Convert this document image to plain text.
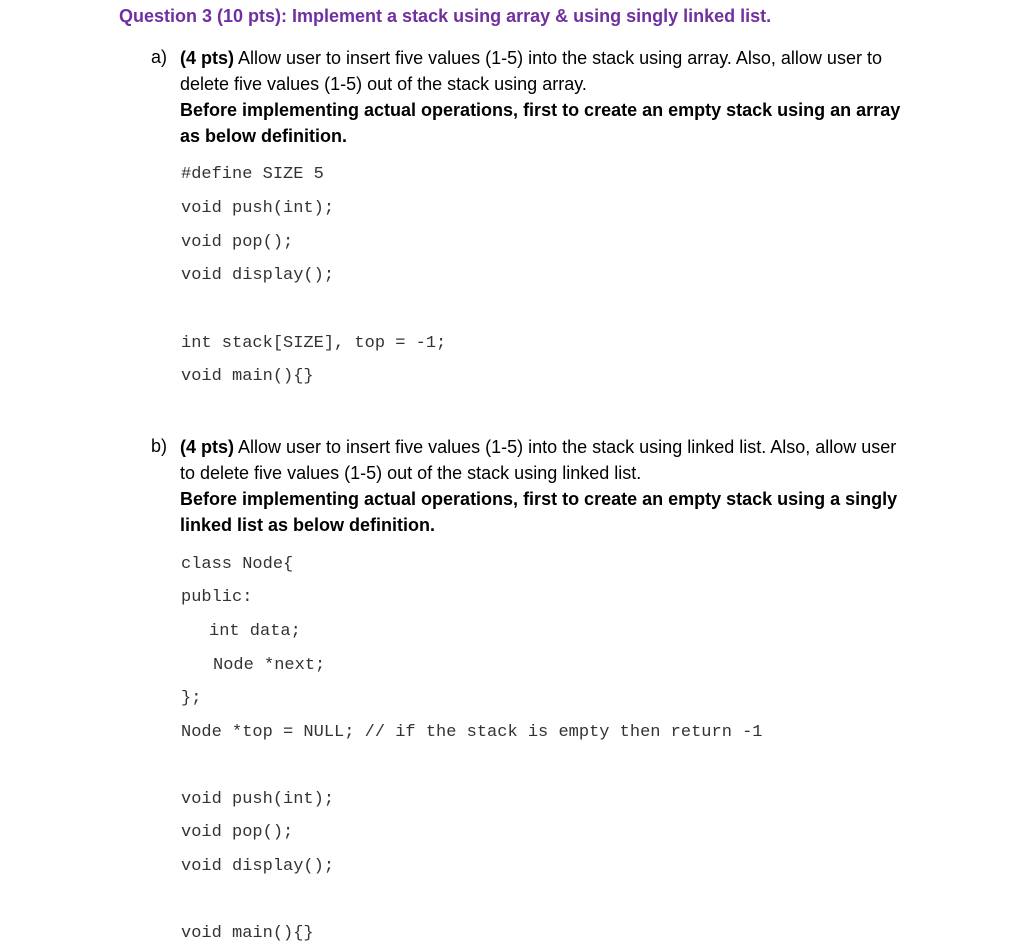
Question 3 (10 pts): Implement a stack using array & using singly linked list.
a) (4 pts) Allow user to insert five values (1-5) into the stack using array. Also, allow user to delete five values (1-5) out of the stack using array.
Before implementing actual operations, first to create an empty stack using an array as below definition.
#define SIZE 5
void push(int);
void pop();
void display();
int stack[SIZE], top = -1;
void main(){}
b) (4 pts) Allow user to insert five values (1-5) into the stack using linked list. Also, allow user to delete five values (1-5) out of the stack using linked list.
Before implementing actual operations, first to create an empty stack using a singly linked list as below definition.
class Node{
public:
int data;
Node *next;
};
Node *top = NULL; // if the stack is empty then return -1
void push(int);
void pop();
void display();
void main(){}
